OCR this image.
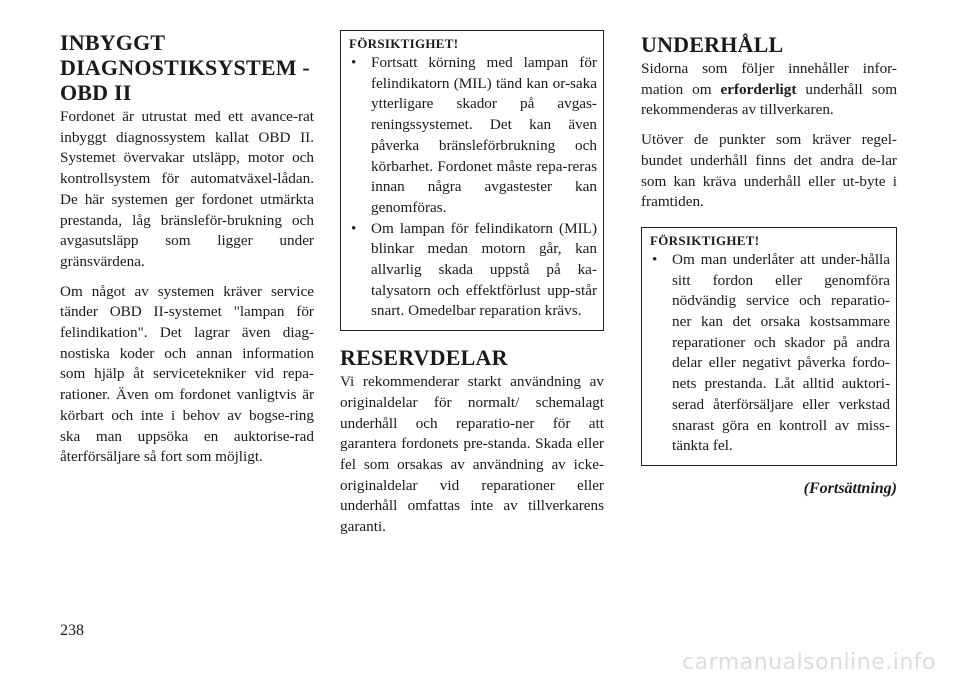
INBYGGT
DIAGNOSTIKSYSTEM -
OBD II

Fordonet är utrustat med ett avance-rat inbyggt diagnossystem kallat OBD II. Systemet övervakar utsläpp, motor och kontrollsystem för automatväxel-lådan. De här systemen ger fordonet utmärkta prestanda, låg bränsleför-brukning och avgasutsläpp som ligger under gränsvärdena.

Om något av systemen kräver service tänder OBD II-systemet "lampan för felindikation". Det lagrar även diag-nostiska koder och annan information som hjälp åt servicetekniker vid repa-rationer. Även om fordonet vanligtvis är körbart och inte i behov av bogse-ring ska man uppsöka en auktorise-rad återförsäljare så fort som möjligt.

FÖRSIKTIGHET!
• Fortsatt körning med lampan för felindikatorn (MIL) tänd kan or-saka ytterligare skador på avgas-reningssystemet. Det kan även påverka bränsleförbrukning och körbarhet. Fordonet måste repa-reras innan några avgastester kan genomföras.
• Om lampan för felindikatorn (MIL) blinkar medan motorn går, kan allvarlig skada uppstå på ka-talysatorn och effektförlust upp-står snart. Omedelbar reparation krävs.
RESERVDELAR

Vi rekommenderar starkt användning av originaldelar för normalt/ schemalagt underhåll och reparatio-ner för att garantera fordonets pre-standa. Skada eller fel som orsakas av användning av icke-originaldelar vid reparationer eller underhåll omfattas inte av tillverkarens garanti.

UNDERHÅLL

Sidorna som följer innehåller infor-mation om erforderligt underhåll som rekommenderas av tillverkaren.

Utöver de punkter som kräver regel-bundet underhåll finns det andra de-lar som kan kräva underhåll eller ut-byte i framtiden.

FÖRSIKTIGHET!
• Om man underlåter att under-hålla sitt fordon eller genomföra nödvändig service och reparatio-ner kan det orsaka kostsammare reparationer och skador på andra delar eller negativt påverka fordo-nets prestanda. Låt alltid auktori-serad återförsäljare eller verkstad snarast göra en kontroll av miss-tänkta fel.
(Fortsättning)
238
carmanualsonline.info
